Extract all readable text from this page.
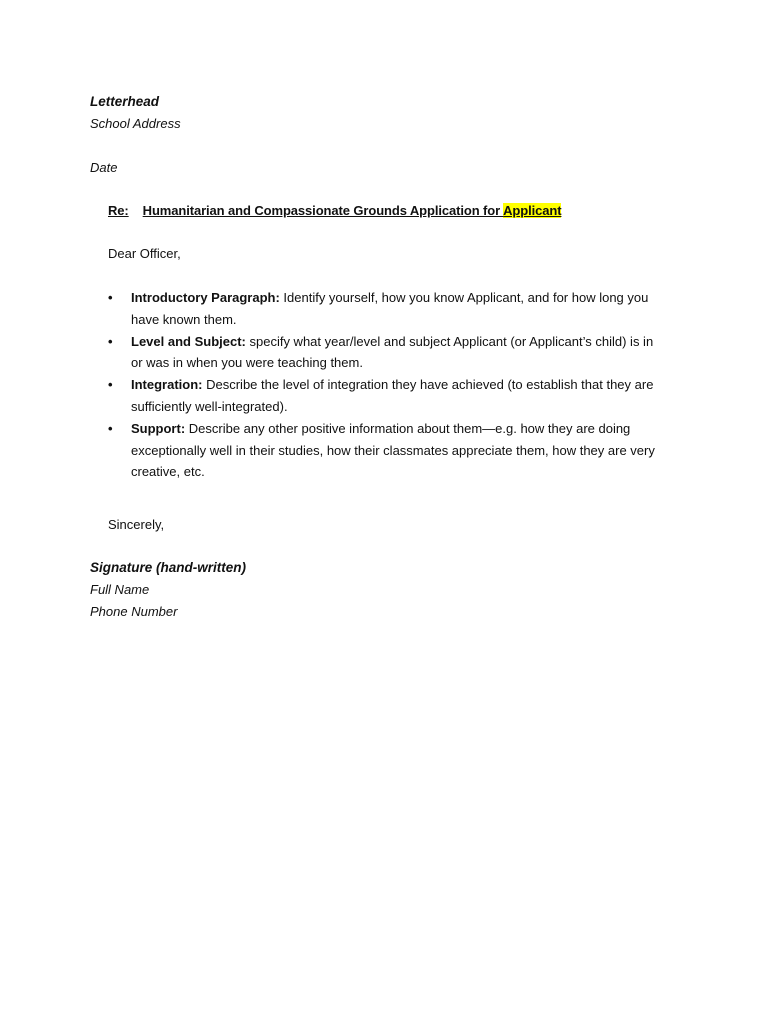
Letterhead
School Address
Date
Re: Humanitarian and Compassionate Grounds Application for Applicant
Dear Officer,
• Introductory Paragraph: Identify yourself, how you know Applicant, and for how long you have known them.
• Level and Subject: specify what year/level and subject Applicant (or Applicant’s child) is in or was in when you were teaching them.
• Integration: Describe the level of integration they have achieved (to establish that they are sufficiently well-integrated).
• Support: Describe any other positive information about them—e.g. how they are doing exceptionally well in their studies, how their classmates appreciate them, how they are very creative, etc.
Sincerely,
Signature (hand-written)
Full Name
Phone Number
